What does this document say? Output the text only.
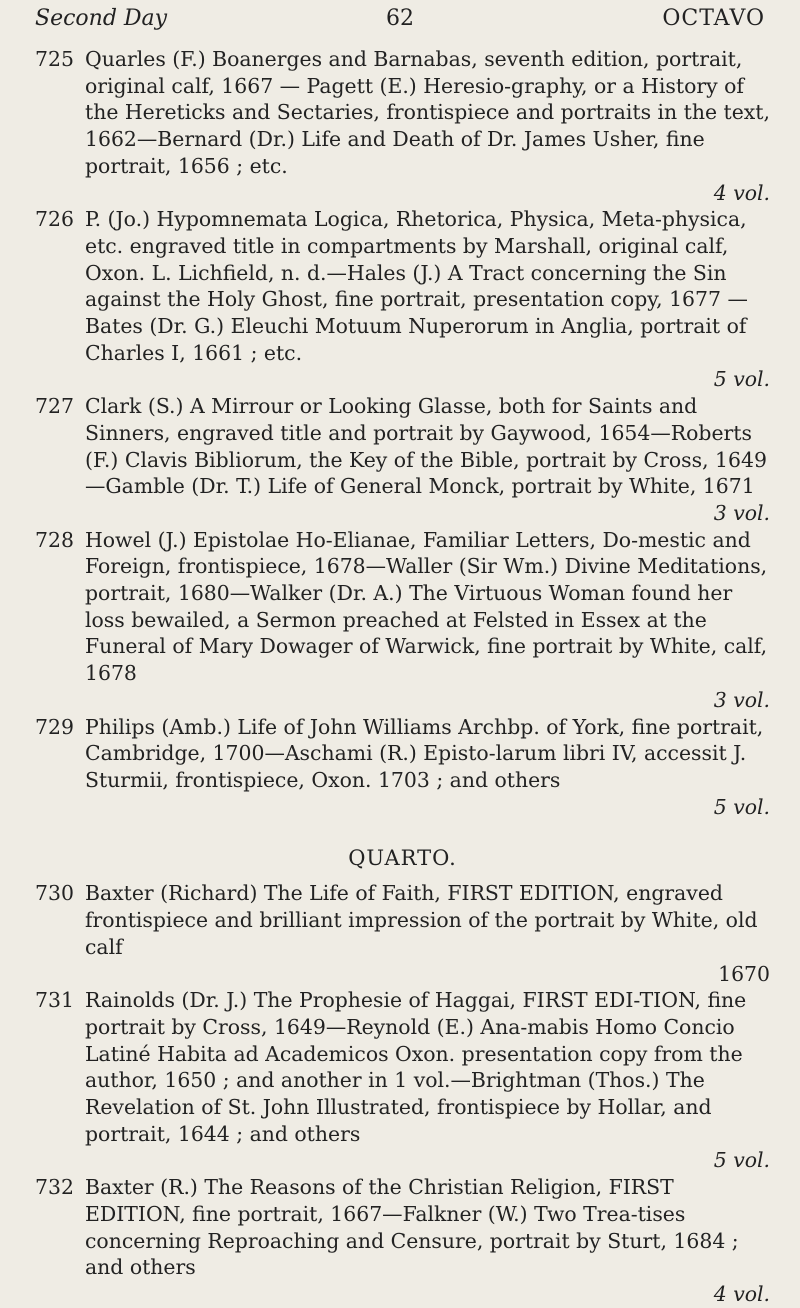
Second Day	62	OCTAVO
725 Quarles (F.) Boanerges and Barnabas, seventh edition, portrait, original calf, 1667 — Pagett (E.) Heresio-graphy, or a History of the Hereticks and Sectaries, frontispiece and portraits in the text, 1662—Bernard (Dr.) Life and Death of Dr. James Usher, fine portrait, 1656 ; etc.
4 vol.
726 P. (Jo.) Hypomnemata Logica, Rhetorica, Physica, Meta-physica, etc. engraved title in compartments by Marshall, original calf, Oxon. L. Lichfield, n. d.—Hales (J.) A Tract concerning the Sin against the Holy Ghost, fine portrait, presentation copy, 1677 — Bates (Dr. G.) Eleuchi Motuum Nuperorum in Anglia, portrait of Charles I, 1661 ; etc.
5 vol.
727 Clark (S.) A Mirrour or Looking Glasse, both for Saints and Sinners, engraved title and portrait by Gaywood, 1654—Roberts (F.) Clavis Bibliorum, the Key of the Bible, portrait by Cross, 1649—Gamble (Dr. T.) Life of General Monck, portrait by White, 1671
3 vol.
728 Howel (J.) Epistolae Ho-Elianae, Familiar Letters, Do-mestic and Foreign, frontispiece, 1678—Waller (Sir Wm.) Divine Meditations, portrait, 1680—Walker (Dr. A.) The Virtuous Woman found her loss bewailed, a Sermon preached at Felsted in Essex at the Funeral of Mary Dowager of Warwick, fine portrait by White, calf, 1678
3 vol.
729 Philips (Amb.) Life of John Williams Archbp. of York, fine portrait, Cambridge, 1700—Aschami (R.) Episto-larum libri IV, accessit J. Sturmii, frontispiece, Oxon. 1703 ; and others
5 vol.
QUARTO.
730 Baxter (Richard) The Life of Faith, FIRST EDITION, engraved frontispiece and brilliant impression of the portrait by White, old calf
1670
731 Rainolds (Dr. J.) The Prophesie of Haggai, FIRST EDI-TION, fine portrait by Cross, 1649—Reynold (E.) Ana-mabis Homo Concio Latiné Habita ad Academicos Oxon. presentation copy from the author, 1650 ; and another in 1 vol.—Brightman (Thos.) The Revelation of St. John Illustrated, frontispiece by Hollar, and portrait, 1644 ; and others
5 vol.
732 Baxter (R.) The Reasons of the Christian Religion, FIRST EDITION, fine portrait, 1667—Falkner (W.) Two Trea-tises concerning Reproaching and Censure, portrait by Sturt, 1684 ; and others
4 vol.
